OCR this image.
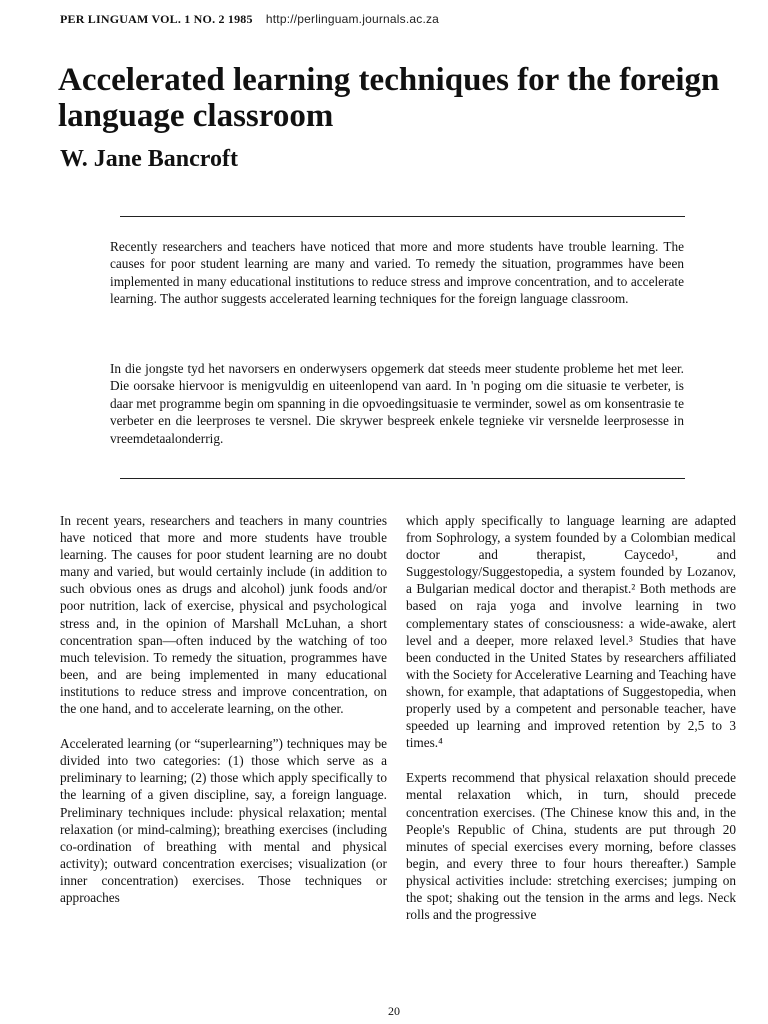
PER LINGUAM VOL. 1 NO. 2 1985 http://perlinguam.journals.ac.za
Accelerated learning techniques for the foreign language classroom
W. Jane Bancroft

Recently researchers and teachers have noticed that more and more students have trouble learning. The causes for poor student learning are many and varied. To remedy the situation, programmes have been implemented in many educational institutions to reduce stress and improve concentration, and to accelerate learning. The author suggests accelerated learning techniques for the foreign language classroom.

In die jongste tyd het navorsers en onderwysers opgemerk dat steeds meer studente probleme het met leer. Die oorsake hiervoor is menigvuldig en uiteenlopend van aard. In 'n poging om die situasie te verbeter, is daar met programme begin om spanning in die opvoedingsituasie te verminder, sowel as om konsentrasie te verbeter en die leerproses te versnel. Die skrywer bespreek enkele tegnieke vir versnelde leerprosesse in vreemdetaalonderrig.

In recent years, researchers and teachers in many countries have noticed that more and more students have trouble learning. The causes for poor student learning are no doubt many and varied, but would certainly include (in addition to such obvious ones as drugs and alcohol) junk foods and/or poor nutrition, lack of exercise, physical and psychological stress and, in the opinion of Marshall McLuhan, a short concentration span—often induced by the watching of too much television. To remedy the situation, programmes have been, and are being implemented in many educational institutions to reduce stress and improve concentration, on the one hand, and to accelerate learning, on the other.

Accelerated learning (or “superlearning”) techniques may be divided into two categories: (1) those which serve as a preliminary to learning; (2) those which apply specifically to the learning of a given discipline, say, a foreign language. Preliminary techniques include: physical relaxation; mental relaxation (or mind-calming); breathing exercises (including co-ordination of breathing with mental and physical activity); outward concentration exercises; visualization (or inner concentration) exercises. Those techniques or approaches

which apply specifically to language learning are adapted from Sophrology, a system founded by a Colombian medical doctor and therapist, Caycedo¹, and Suggestology/Suggestopedia, a system founded by Lozanov, a Bulgarian medical doctor and therapist.² Both methods are based on raja yoga and involve learning in two complementary states of consciousness: a wide-awake, alert level and a deeper, more relaxed level.³ Studies that have been conducted in the United States by researchers affiliated with the Society for Accelerative Learning and Teaching have shown, for example, that adaptations of Suggestopedia, when properly used by a competent and personable teacher, have speeded up learning and improved retention by 2,5 to 3 times.⁴

Experts recommend that physical relaxation should precede mental relaxation which, in turn, should precede concentration exercises. (The Chinese know this and, in the People's Republic of China, students are put through 20 minutes of special exercises every morning, before classes begin, and every three to four hours thereafter.) Sample physical activities include: stretching exercises; jumping on the spot; shaking out the tension in the arms and legs. Neck rolls and the progressive

20
